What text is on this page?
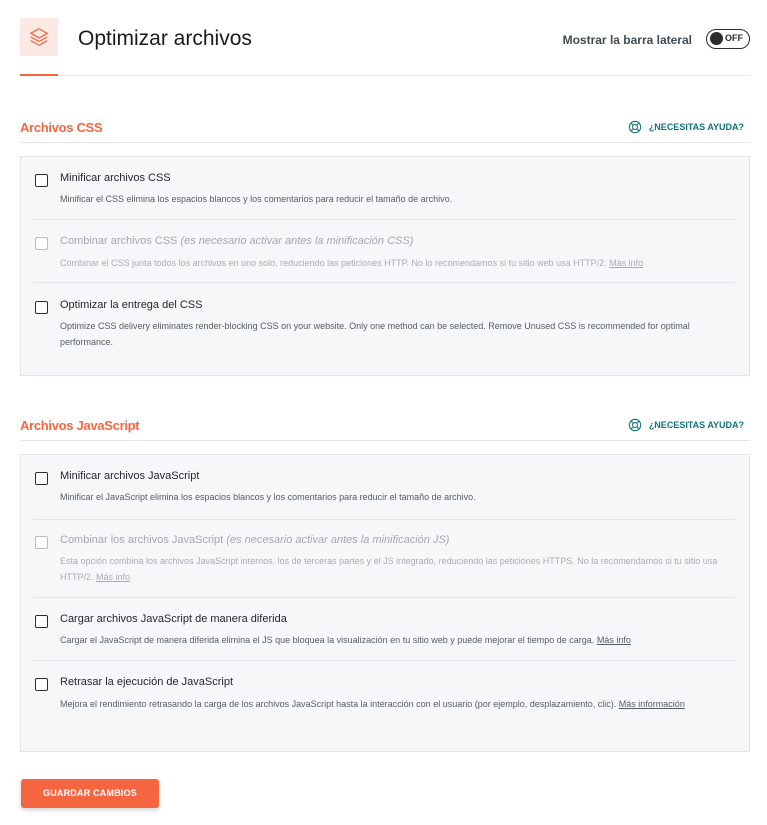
Optimizar archivos	Mostrar la barra lateral	OFF
Archivos CSS	¿NECESITAS AYUDA?
Minificar archivos CSS
Minificar el CSS elimina los espacios blancos y los comentarios para reducir el tamaño de archivo.
Combinar archivos CSS (es necesario activar antes la minificación CSS)
Combinar el CSS junta todos los archivos en uno solo, reduciendo las peticiones HTTP. No lo recomendamos si tu sitio web usa HTTP/2. Más info
Optimizar la entrega del CSS
Optimize CSS delivery eliminates render-blocking CSS on your website. Only one method can be selected. Remove Unused CSS is recommended for optimal performance.
Archivos JavaScript	¿NECESITAS AYUDA?
Minificar archivos JavaScript
Minificar el JavaScript elimina los espacios blancos y los comentarios para reducir el tamaño de archivo.
Combinar los archivos JavaScript (es necesario activar antes la minificación JS)
Esta opción combina los archivos JavaScript internos, los de terceras partes y el JS integrado, reduciendo las peticiones HTTPS. No la recomendamos si tu sitio usa HTTP/2. Más info
Cargar archivos JavaScript de manera diferida
Cargar el JavaScript de manera diferida elimina el JS que bloquea la visualización en tu sitio web y puede mejorar el tiempo de carga. Más info
Retrasar la ejecución de JavaScript
Mejora el rendimiento retrasando la carga de los archivos JavaScript hasta la interacción con el usuario (por ejemplo, desplazamiento, clic). Más información
GUARDAR CAMBIOS
